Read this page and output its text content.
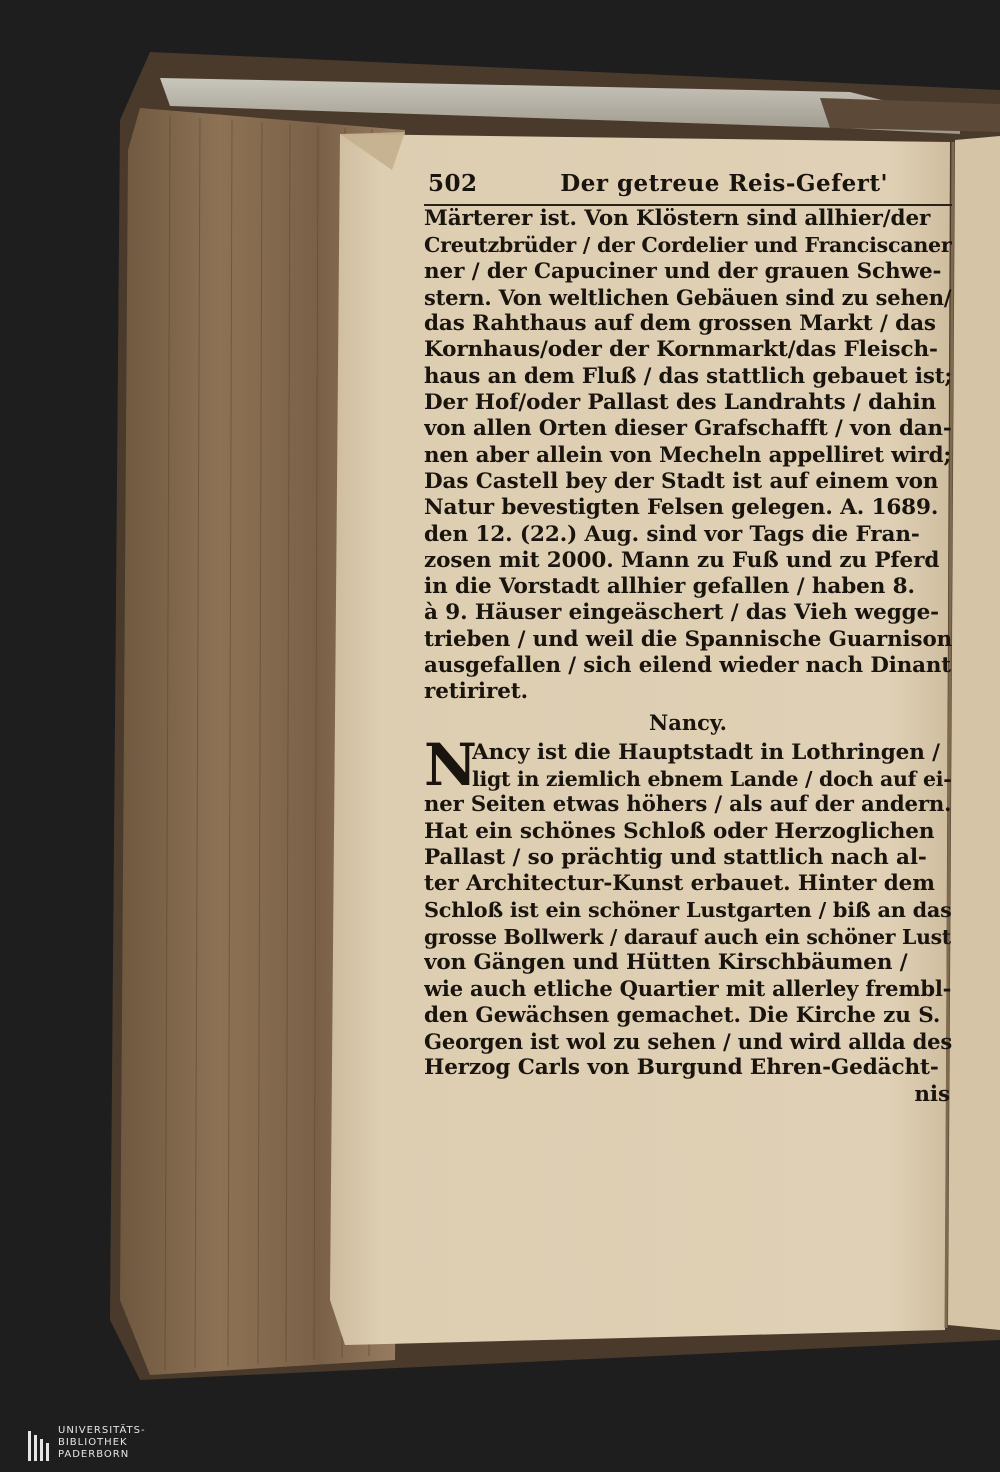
502	Der getreue Reis-Gefert'
Märterer ist. Von Klöstern sind allhier/der
Creutzbrüder / der Cordelier und Franciscaner
ner / der Capuciner und der grauen Schwe-
stern. Von weltlichen Gebäuen sind zu sehen/
das Rahthaus auf dem grossen Markt / das
Kornhaus/oder der Kornmarkt/das Fleisch-
haus an dem Fluß / das stattlich gebauet ist;
Der Hof/oder Pallast des Landrahts / dahin
von allen Orten dieser Grafschafft / von dan-
nen aber allein von Mecheln appelliret wird;
Das Castell bey der Stadt ist auf einem von
Natur bevestigten Felsen gelegen. A. 1689.
den 12. (22.) Aug. sind vor Tags die Fran-
zosen mit 2000. Mann zu Fuß und zu Pferd
in die Vorstadt allhier gefallen / haben 8.
à 9. Häuser eingeäschert / das Vieh wegge-
trieben / und weil die Spannische Guarnison
ausgefallen / sich eilend wieder nach Dinant
retiriret.
Nancy.
N
Ancy ist die Hauptstadt in Lothringen /
ligt in ziemlich ebnem Lande / doch auf ei-
ner Seiten etwas höhers / als auf der andern.
Hat ein schönes Schloß oder Herzoglichen
Pallast / so prächtig und stattlich nach al-
ter Architectur-Kunst erbauet. Hinter dem
Schloß ist ein schöner Lustgarten / biß an das
grosse Bollwerk / darauf auch ein schöner Lust
von Gängen und Hütten Kirschbäumen /
wie auch etliche Quartier mit allerley frembl-
den Gewächsen gemachet. Die Kirche zu S.
Georgen ist wol zu sehen / und wird allda des
Herzog Carls von Burgund Ehren-Gedächt-
nis
UNIVERSITÄTS-
BIBLIOTHEK
PADERBORN
